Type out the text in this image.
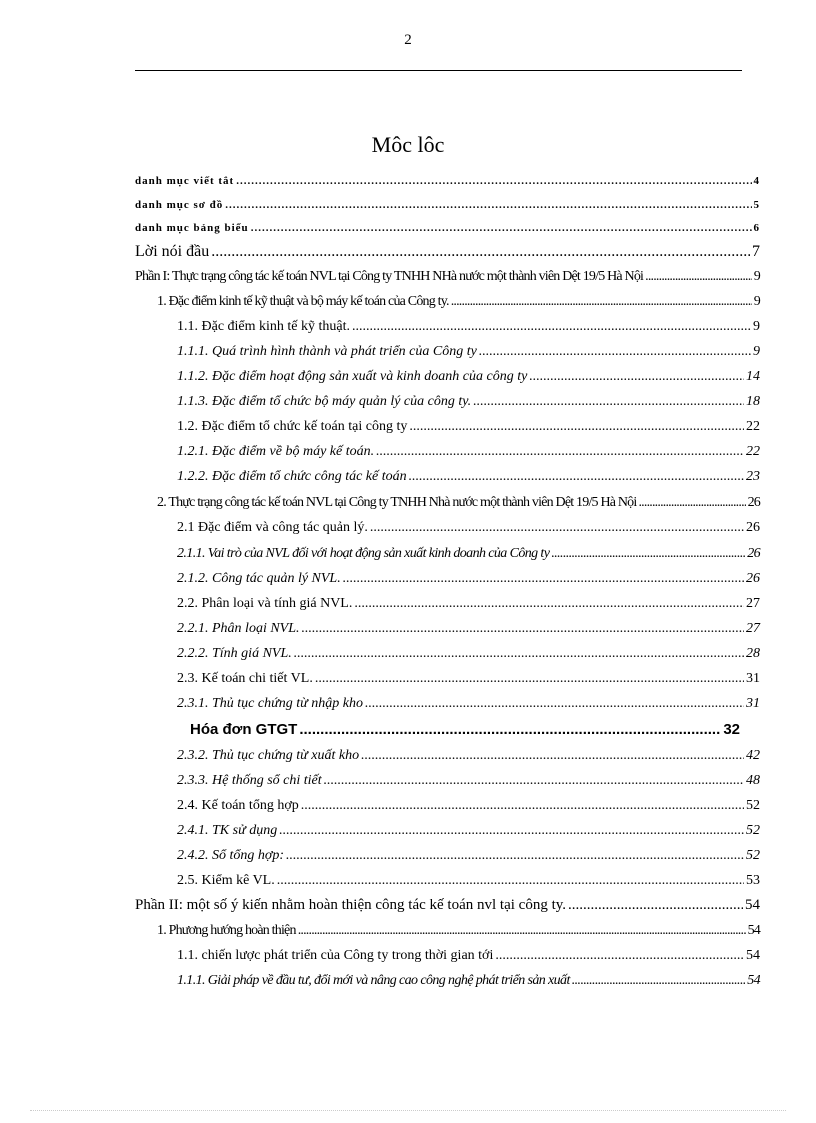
2
Môc lôc
danh mục viết tắt .....	4
danh mục sơ đồ .....	5
danh mục bảng biểu .....	6
Lời nói đầu .....	7
Phần I: Thực trạng công tác kế toán NVL tại Công ty TNHH NHà nước một thành viên Dệt 19/5 Hà Nội .....	9
1. Đặc điểm kinh tế kỹ thuật và bộ máy kế toán của Công ty. .....	9
1.1. Đặc điểm kinh tế kỹ thuật. .....	9
1.1.1. Quá trình hình thành và phát triển của Công ty .....	9
1.1.2. Đặc điểm hoạt động sản xuất và kinh doanh của công ty .....	14
1.1.3. Đặc điểm tổ chức bộ máy quản lý của công ty. .....	18
1.2. Đặc điểm tổ chức kế toán tại công ty .....	22
1.2.1. Đặc điểm về bộ máy kế toán. .....	22
1.2.2. Đặc điểm tổ chức công tác kế toán .....	23
2. Thực trạng công tác kế toán NVL tại Công ty TNHH Nhà nước một thành viên Dệt 19/5 Hà Nội .....	26
2.1 Đặc điểm và công tác quản lý. .....	26
2.1.1. Vai trò của NVL đối với hoạt động sản xuất kinh doanh của Công ty .....	26
2.1.2. Công tác quản lý NVL. .....	26
2.2. Phân loại và tính giá NVL. .....	27
2.2.1. Phân loại NVL. .....	27
2.2.2. Tính giá NVL. .....	28
2.3. Kế toán chi tiết VL. .....	31
2.3.1. Thủ tục chứng từ nhập kho .....	31
Hóa đơn GTGT .....	32
2.3.2. Thủ tục chứng từ xuất kho .....	42
2.3.3. Hệ thống sổ chi tiết .....	48
2.4. Kế toán tổng hợp .....	52
2.4.1. TK sử dụng .....	52
2.4.2. Sổ tổng hợp: .....	52
2.5. Kiểm kê VL. .....	53
Phần II: một số ý kiến nhằm hoàn thiện công tác kế toán nvl tại công ty. .....	54
1. Phương hướng hoàn thiện .....	54
1.1. chiến lược phát triển của Công ty trong thời gian tới .....	54
1.1.1. Giải pháp về đầu tư, đổi mới và nâng cao công nghệ phát triển sản xuất .....	54
